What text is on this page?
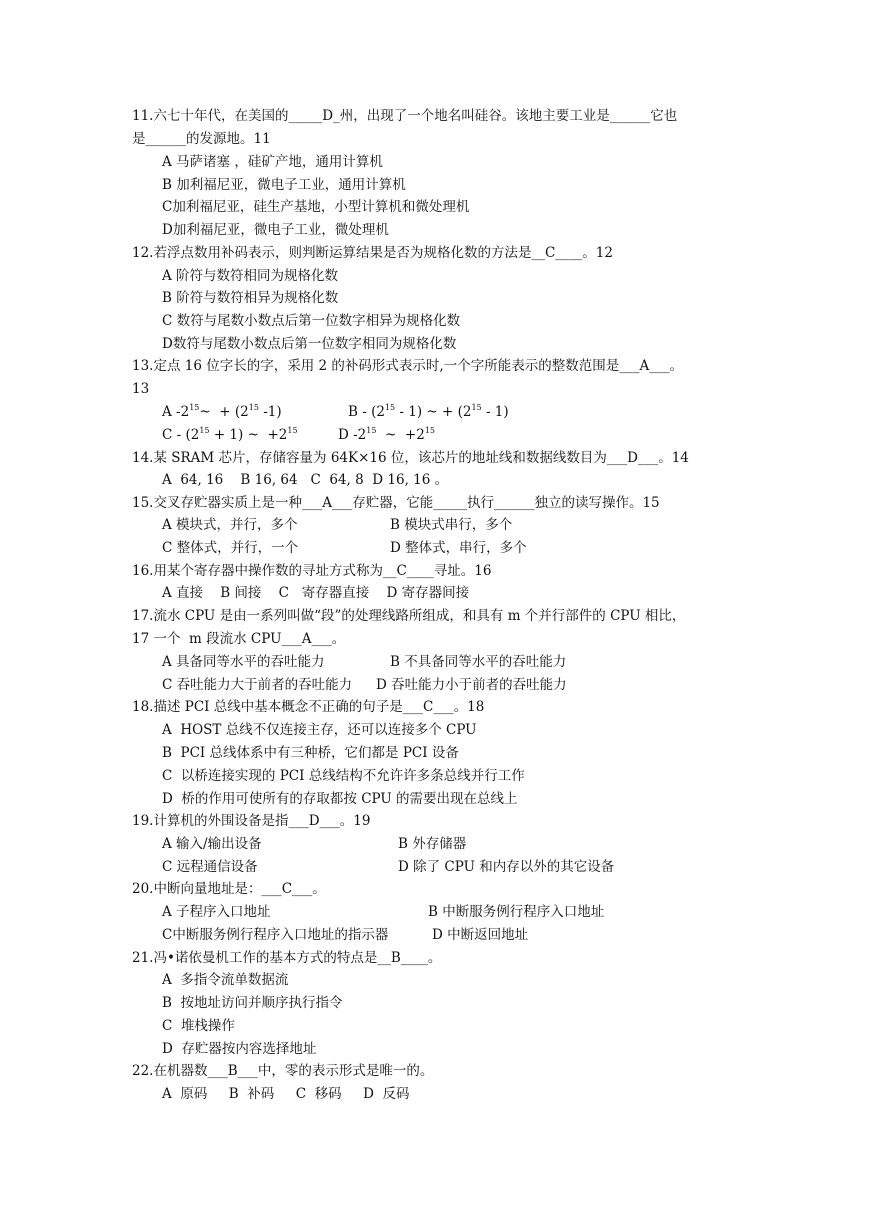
11.六七十年代，在美国的_____D_州，出现了一个地名叫硅谷。该地主要工业是______它也
是______的发源地。11
A 马萨诸塞 ，硅矿产地，通用计算机
B 加利福尼亚，微电子工业，通用计算机
C加利福尼亚，硅生产基地，小型计算机和微处理机
D加利福尼亚，微电子工业，微处理机
12.若浮点数用补码表示，则判断运算结果是否为规格化数的方法是__C____。12
A 阶符与数符相同为规格化数
B 阶符与数符相异为规格化数
C 数符与尾数小数点后第一位数字相异为规格化数
D数符与尾数小数点后第一位数字相同为规格化数
13.定点 16 位字长的字，采用 2 的补码形式表示时,一个字所能表示的整数范围是___A___。
13
A $-2^{15}\sim + (2^{15}$ -1)	B - $(2^{15} - 1)$ ~ + $(2^{15} - 1)$
$C - (2^{15} + 1)$ ~  $+2^{15}$	D $-2^{15}$  ~  $+2^{15}$
14.某 SRAM 芯片，存储容量为 64K×16 位，该芯片的地址线和数据线数目为___D___。14
A  64, 16    B 16, 64   C  64, 8  D 16, 16 。
15.交叉存贮器实质上是一种___A___存贮器，它能_____执行______独立的读写操作。15
A 模块式，并行，多个	B 模块式串行，多个
C 整体式，并行，一个	D 整体式，串行，多个
16.用某个寄存器中操作数的寻址方式称为__C____寻址。16
A 直接    B 间接    C   寄存器直接    D 寄存器间接
17.流水 CPU 是由一系列叫做“段”的处理线路所组成，和具有 m 个并行部件的 CPU 相比，
17 一个  m 段流水 CPU___A___。
A 具备同等水平的吞吐能力	B 不具备同等水平的吞吐能力
C 吞吐能力大于前者的吞吐能力 D 吞吐能力小于前者的吞吐能力
18.描述 PCI 总线中基本概念不正确的句子是___C___。18
A  HOST 总线不仅连接主存，还可以连接多个 CPU
B  PCI 总线体系中有三种桥，它们都是 PCI 设备
C  以桥连接实现的 PCI 总线结构不允许许多条总线并行工作
D  桥的作用可使所有的存取都按 CPU 的需要出现在总线上
19.计算机的外围设备是指___D___。19
A 输入/输出设备	B 外存储器
C 远程通信设备	D 除了 CPU 和内存以外的其它设备
20.中断向量地址是：___C___。
A 子程序入口地址	B 中断服务例行程序入口地址
C中断服务例行程序入口地址的指示器	D 中断返回地址
21.冯•诺依曼机工作的基本方式的特点是__B____。
A  多指令流单数据流
B  按地址访问并顺序执行指令
C  堆栈操作
D  存贮器按内容选择地址
22.在机器数___B___中，零的表示形式是唯一的。
A  原码     B  补码     C  移码     D  反码
